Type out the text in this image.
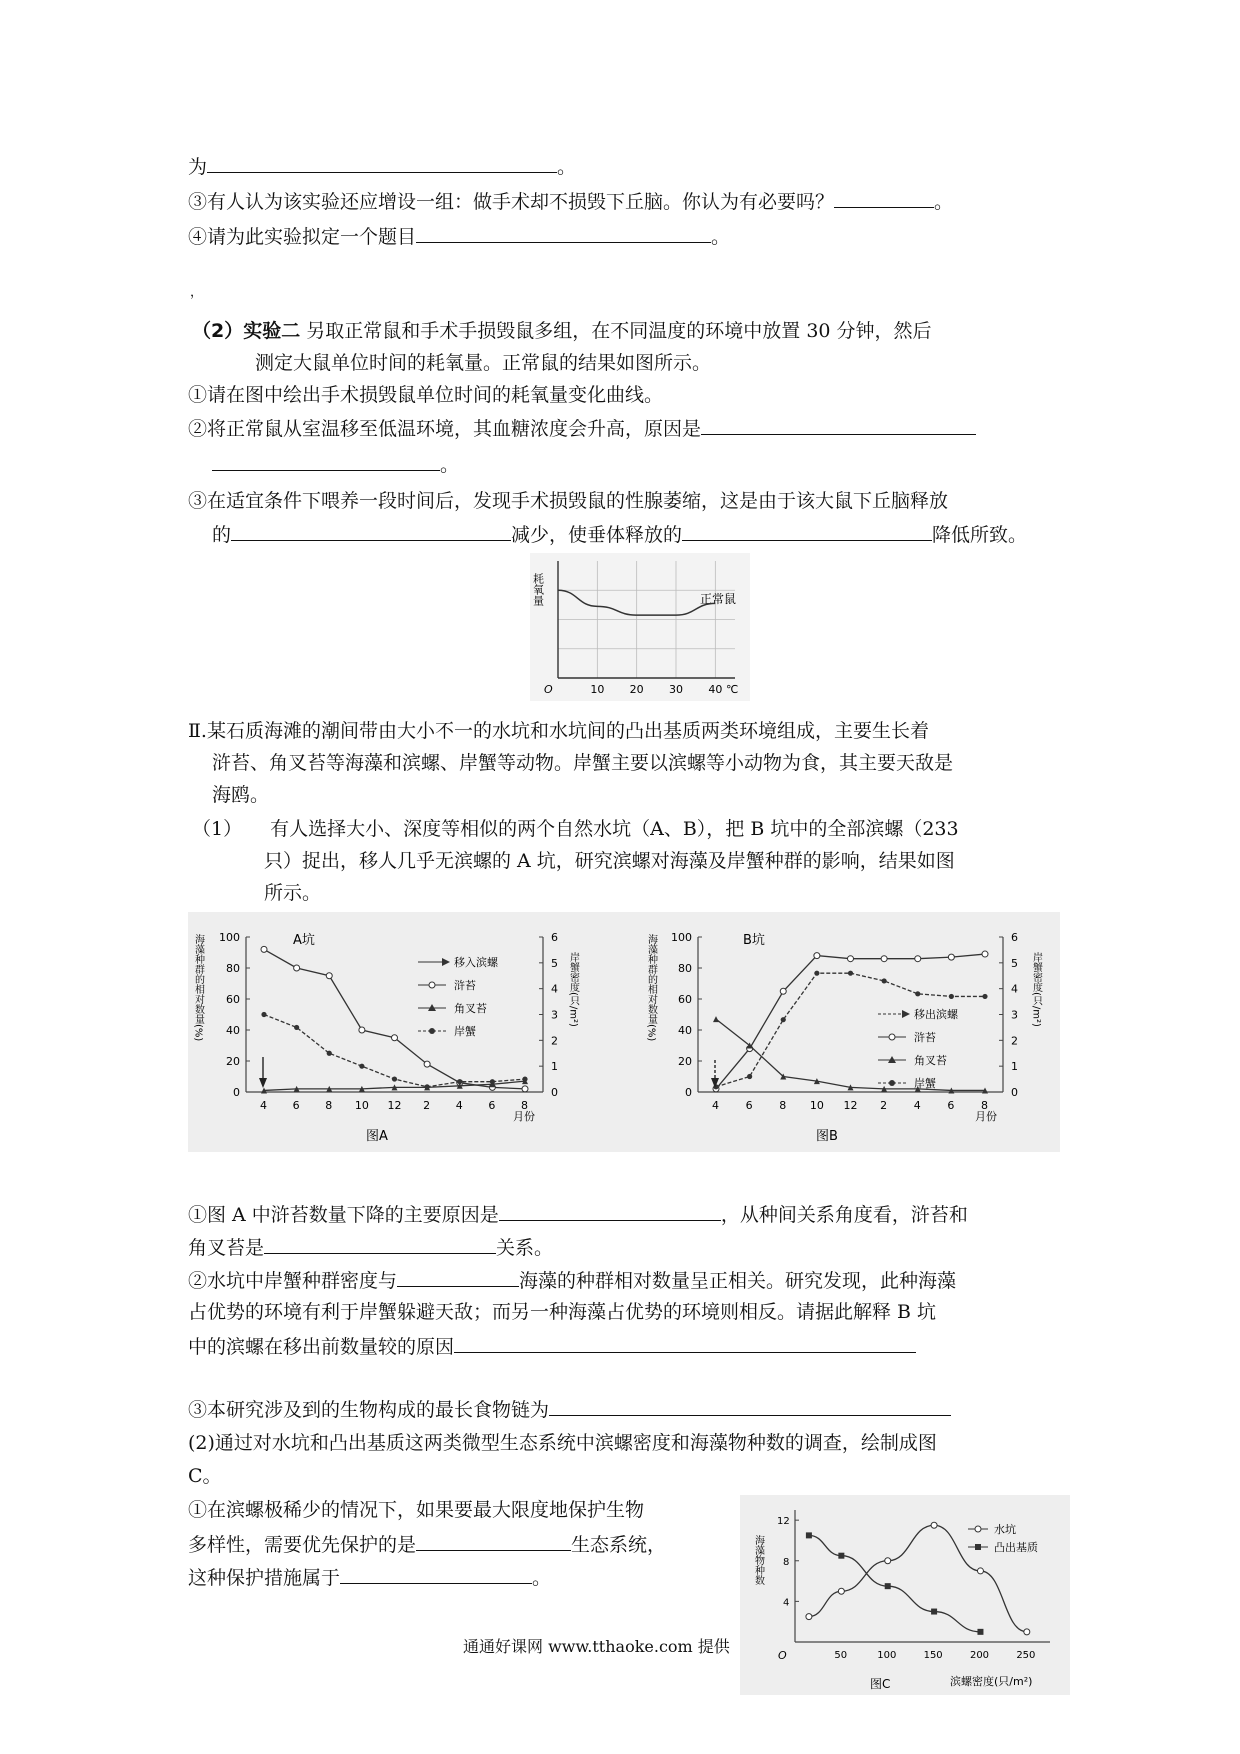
为	。
③有人认为该实验还应增设一组：做手术却不损毁下丘脑。你认为有必要吗？	。
④请为此实验拟定一个题目	。
，
（2）实验二 另取正常鼠和手术手损毁鼠多组，在不同温度的环境中放置 30 分钟，然后
测定大鼠单位时间的耗氧量。正常鼠的结果如图所示。
①请在图中绘出手术损毁鼠单位时间的耗氧量变化曲线。
②将正常鼠从室温移至低温环境，其血糖浓度会升高，原因是
。
③在适宜条件下喂养一段时间后，发现手术损毁鼠的性腺萎缩，这是由于该大鼠下丘脑释放
的	减少，使垂体释放的	降低所致。
耗氧量
O	℃
正常鼠
10 20 30 40
Ⅱ.某石质海滩的潮间带由大小不一的水坑和水坑间的凸出基质两类环境组成，主要生长着
浒苔、角叉苔等海藻和滨螺、岸蟹等动物。岸蟹主要以滨螺等小动物为食，其主要天敌是
海鸥。
（1） 有人选择大小、深度等相似的两个自然水坑（A、B），把 B 坑中的全部滨螺（233
只）捉出，移人几乎无滨螺的 A 坑，研究滨螺对海藻及岸蟹种群的影响，结果如图
所示。
A坑
图A
月份
海藻种群的相对数量(%)	岸蟹密度(只/m²)
4 6 8 10 12 2 4 6 8
0
20
40
60
80
100
0
1
2
3
4
5
6
移入滨螺
浒苔
角叉苔
岸蟹
B坑
图B
月份
海藻种群的相对数量(%)	岸蟹密度(只/m²)
4 6 8 10 12 2 4 6 8
0
20
40
60
80
100
0
1
2
3
4
5
6
移出滨螺
浒苔
角叉苔
岸蟹
①图 A 中浒苔数量下降的主要原因是	，从种间关系角度看，浒苔和
角叉苔是	关系。
②水坑中岸蟹种群密度与	海藻的种群相对数量呈正相关。研究发现，此种海藻
占优势的环境有利于岸蟹躲避天敌；而另一种海藻占优势的环境则相反。请据此解释 B 坑
中的滨螺在移出前数量较的原因
③本研究涉及到的生物构成的最长食物链为
(2)通过对水坑和凸出基质这两类微型生态系统中滨螺密度和海藻物种数的调查，绘制成图
C。
①在滨螺极稀少的情况下，如果要最大限度地保护生物
多样性，需要优先保护的是	生态系统，
这种保护措施属于	。	海藻物种数
O
滨螺密度(只/m²)
图C
50	100	150	200	250
4
8
12
水坑
凸出基质
通通好课网 www.tthaoke.com 提供
